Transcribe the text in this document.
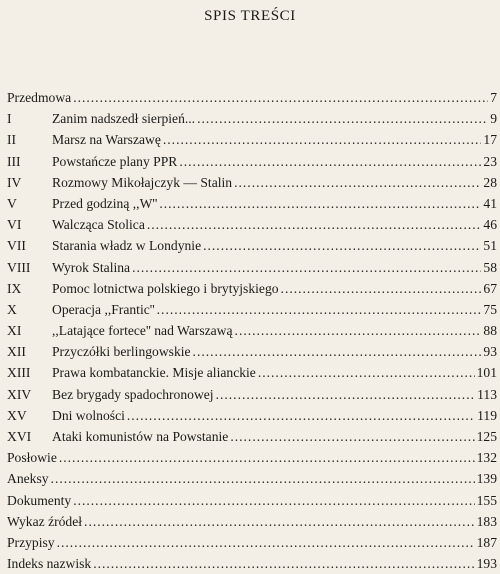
SPIS TREŚCI
Przedmowa . . .	7
I	Zanim nadszedł sierpień... . . .	9
II	Marsz na Warszawę . . .	17
III	Powstańcze plany PPR . . .	23
IV	Rozmowy Mikołajczyk — Stalin . . .	28
V	Przed godziną ,,W'' . . .	41
VI	Walcząca Stolica . . .	46
VII	Starania władz w Londynie . . .	51
VIII	Wyrok Stalina . . .	58
IX	Pomoc lotnictwa polskiego i brytyjskiego . . .	67
X	Operacja ,,Frantic'' . . .	75
XI	,,Latające fortece'' nad Warszawą . . .	88
XII	Przyczółki berlingowskie . . .	93
XIII	Prawa kombatanckie. Misje alianckie . . .	101
XIV	Bez brygady spadochronowej . . .	113
XV	Dni wolności . . .	119
XVI	Ataki komunistów na Powstanie . . .	125
Posłowie . . .	132
Aneksy . . .	139
Dokumenty . . .	155
Wykaz źródeł . . .	183
Przypisy . . .	187
Indeks nazwisk . . .	193
